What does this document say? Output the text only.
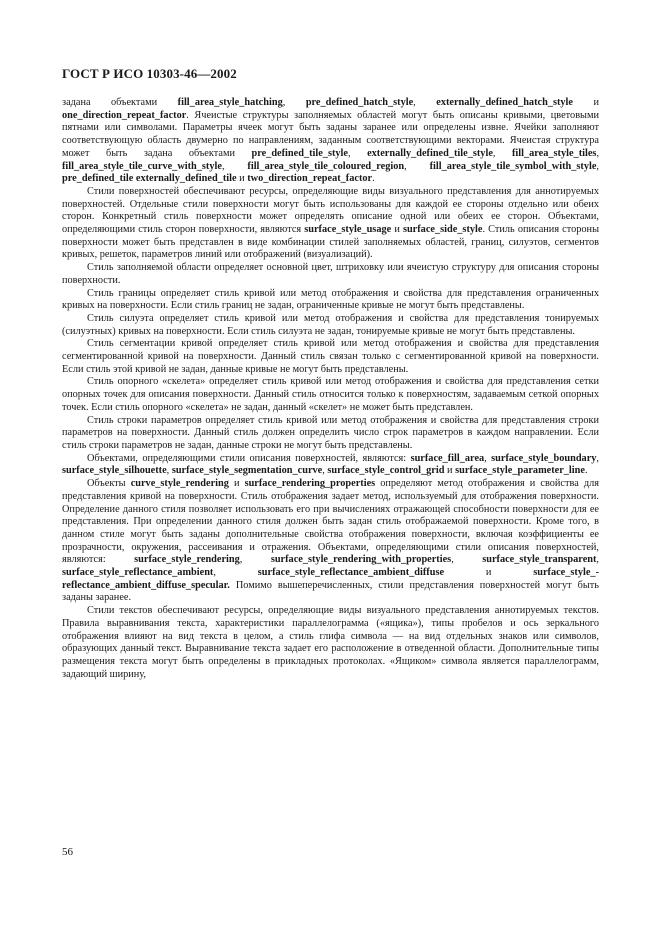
ГОСТ Р ИСО 10303-46—2002

задана объектами fill_area_style_hatching, pre_defined_hatch_style, externally_defined_hatch_style и one_direction_repeat_factor. Ячеистые структуры заполняемых областей могут быть описаны кривыми, цветовыми пятнами или символами. Параметры ячеек могут быть заданы заранее или определены извне. Ячейки заполняют соответствующую область двумерно по направлениям, заданным соответствующими векторами. Ячеистая структура может быть задана объектами pre_defined_tile_style, externally_defined_tile_style, fill_area_style_tiles, fill_area_style_tile_curve_with_style, fill_area_style_tile_coloured_region, fill_area_style_tile_symbol_with_style, pre_defined_tile externally_defined_tile и two_direction_repeat_factor.

Стили поверхностей обеспечивают ресурсы, определяющие виды визуального представления для аннотируемых поверхностей. Отдельные стили поверхности могут быть использованы для каждой ее стороны отдельно или обеих сторон. Конкретный стиль поверхности может определять описание одной или обеих ее сторон. Объектами, определяющими стиль сторон поверхности, являются surface_style_usage и surface_side_style. Стиль описания стороны поверхности может быть представлен в виде комбинации стилей заполняемых областей, границ, силуэтов, сегментов кривых, решеток, параметров линий или отображений (визуализаций).

Стиль заполняемой области определяет основной цвет, штриховку или ячеистую структуру для описания стороны поверхности.

Стиль границы определяет стиль кривой или метод отображения и свойства для представления ограниченных кривых на поверхности. Если стиль границ не задан, ограниченные кривые не могут быть представлены.

Стиль силуэта определяет стиль кривой или метод отображения и свойства для представления тонируемых (силуэтных) кривых на поверхности. Если стиль силуэта не задан, тонируемые кривые не могут быть представлены.

Стиль сегментации кривой определяет стиль кривой или метод отображения и свойства для представления сегментированной кривой на поверхности. Данный стиль связан только с сегментированной кривой на поверхности. Если стиль этой кривой не задан, данные кривые не могут быть представлены.

Стиль опорного «скелета» определяет стиль кривой или метод отображения и свойства для представления сетки опорных точек для описания поверхности. Данный стиль относится только к поверхностям, задаваемым сеткой опорных точек. Если стиль опорного «скелета» не задан, данный «скелет» не может быть представлен.

Стиль строки параметров определяет стиль кривой или метод отображения и свойства для представления строки параметров на поверхности. Данный стиль должен определить число строк параметров в каждом направлении. Если стиль строки параметров не задан, данные строки не могут быть представлены.

Объектами, определяющими стили описания поверхностей, являются: surface_fill_area, surface_style_boundary, surface_style_silhouette, surface_style_segmentation_curve, surface_style_control_grid и surface_style_parameter_line.

Объекты curve_style_rendering и surface_rendering_properties определяют метод отображения и свойства для представления кривой на поверхности. Стиль отображения задает метод, используемый для отображения поверхности. Определение данного стиля позволяет использовать его при вычислениях отражающей способности поверхности для ее представления. При определении данного стиля должен быть задан стиль отображаемой поверхности. Кроме того, в данном стиле могут быть заданы дополнительные свойства отображения поверхности, включая коэффициенты ее прозрачности, окружения, рассеивания и отражения. Объектами, определяющими стили описания поверхностей, являются: surface_style_rendering, surface_style_rendering_with_properties, surface_style_transparent, surface_style_reflectance_ambient, surface_style_reflectance_ambient_diffuse и surface_style_-reflectance_ambient_diffuse_specular. Помимо вышеперечисленных, стили представления поверхностей могут быть заданы заранее.

Стили текстов обеспечивают ресурсы, определяющие виды визуального представления аннотируемых текстов. Правила выравнивания текста, характеристики параллелограмма («ящика»), типы пробелов и ось зеркального отображения влияют на вид текста в целом, а стиль глифа символа — на вид отдельных знаков или символов, образующих данный текст. Выравнивание текста задает его расположение в отведенной области. Дополнительные типы размещения текста могут быть определены в прикладных протоколах. «Ящиком» символа является параллелограмм, задающий ширину,

56
